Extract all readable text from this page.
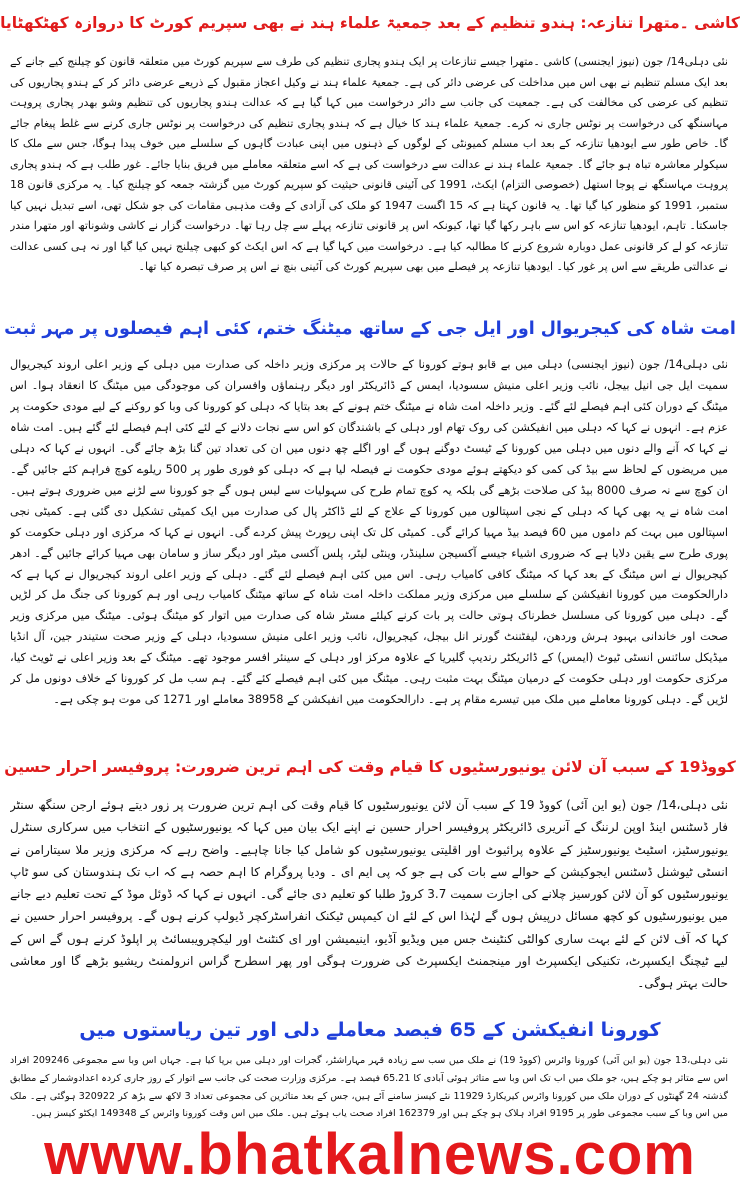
کاشی ۔متھرا تنازعہ: ہندو تنظیم کے بعد جمعیۃ علماء ہند نے بھی سپریم کورٹ کا دروازہ کھٹکھٹایا

نئی دہلی14/ جون (نیوز ایجنسی) کاشی ۔متھرا جیسے تنازعات پر ایک ہندو پجاری تنظیم کی طرف سے سپریم کورٹ میں متعلقہ قانون کو چیلنج کیے جانے کے بعد ایک مسلم تنظیم نے بھی اس میں مداخلت کی عرضی دائر کی ہے۔ جمعیۃ علماء ہند نے وکیل اعجاز مقبول کے ذریعے عرضی دائر کر کے ہندو پجاریوں کی تنظیم کی عرضی کی مخالفت کی ہے۔ جمعیت کی جانب سے دائر درخواست میں کہا گیا ہے کہ عدالت ہندو پجاریوں کی تنظیم وشو بھدر پجاری پروہت مہاسنگھ کی درخواست پر نوٹس جاری نہ کرے۔ جمعیۃ علماء ہند کا خیال ہے کہ ہندو پجاری تنظیم کی درخواست پر نوٹس جاری کرنے سے غلط پیغام جائے گا۔ خاص طور سے ایودھیا تنازعہ کے بعد اب مسلم کمیونٹی کے لوگوں کے ذہنوں میں اپنی عبادت گاہوں کے سلسلے میں خوف پیدا ہوگا، جس سے ملک کا سیکولر معاشرہ تباہ ہو جائے گا۔ جمعیۃ علماء ہند نے عدالت سے درخواست کی ہے کہ اسے متعلقہ معاملے میں فریق بنایا جائے۔ غور طلب ہے کہ ہندو پجاری پروہت مہاسنگھ نے پوجا استھل (خصوصی التزام) ایکٹ، 1991 کی آئینی قانونی حیثیت کو سپریم کورٹ میں گزشتہ جمعہ کو چیلنج کیا۔ یہ مرکزی قانون 18 ستمبر، 1991 کو منظور کیا گیا تھا۔ یہ قانون کہتا ہے کہ 15 اگست 1947 کو ملک کی آزادی کے وقت مذہبی مقامات کی جو شکل تھی، اسے تبدیل نہیں کیا جاسکتا۔ تاہم، ایودھیا تنازعہ کو اس سے باہر رکھا گیا تھا، کیونکہ اس پر قانونی تنازعہ پہلے سے چل رہا تھا۔ درخواست گزار نے کاشی وشوناتھ اور متھرا مندر تنازعہ کو لے کر قانونی عمل دوبارہ شروع کرنے کا مطالبہ کیا ہے۔ درخواست میں کہا گیا ہے کہ اس ایکٹ کو کبھی چیلنج نہیں کیا گیا اور نہ ہی کسی عدالت نے عدالتی طریقے سے اس پر غور کیا۔ ایودھیا تنازعہ پر فیصلے میں بھی سپریم کورٹ کی آئینی بنچ نے اس پر صرف تبصرہ کیا تھا۔

امت شاہ کی کیجریوال اور ایل جی کے ساتھ میٹنگ ختم، کئی اہم فیصلوں پر مہر ثبت

نئی دہلی14/ جون (نیوز ایجنسی) دہلی میں بے قابو ہوتے کورونا کے حالات پر مرکزی وزیر داخلہ کی صدارت میں دہلی کے وزیر اعلی اروند کیجریوال سمیت ایل جی انیل بیجل، نائب وزیر اعلی منیش سسودیا، ایمس کے ڈائریکٹر اور دیگر رہنماؤں وافسران کی موجودگی میں میٹنگ کا انعقاد ہوا۔ اس میٹنگ کے دوران کئی اہم فیصلے لئے گئے۔ وزیر داخلہ امت شاہ نے میٹنگ ختم ہونے کے بعد بتایا کہ دہلی کو کورونا کی وبا کو روکنے کے لیے مودی حکومت پر عزم ہے۔ انہوں نے کہا کہ دہلی میں انفیکشن کی روک تھام اور دہلی کے باشندگان کو اس سے نجات دلانے کے لئے کئی اہم فیصلے لئے گئے ہیں۔ امت شاہ نے کہا کہ آنے والے دنوں میں دہلی میں کورونا کے ٹیسٹ دوگنے ہوں گے اور اگلے چھ دنوں میں ان کی تعداد تین گنا بڑھ جائے گی۔ انہوں نے کہا کہ دہلی میں مریضوں کے لحاظ سے بیڈ کی کمی کو دیکھتے ہوئے مودی حکومت نے فیصلہ لیا ہے کہ دہلی کو فوری طور پر 500 ریلوے کوچ فراہم کئے جائیں گے۔ ان کوچ سے نہ صرف 8000 بیڈ کی صلاحت بڑھے گی بلکہ یہ کوچ تمام طرح کی سہولیات سے لیس ہوں گے جو کورونا سے لڑنے میں ضروری ہوتے ہیں۔ امت شاہ نے یہ بھی کہا کہ دہلی کے نجی اسپتالوں میں کورونا کے علاج کے لئے ڈاکٹر پال کی صدارت میں ایک کمیٹی تشکیل دی گئی ہے۔ کمیٹی نجی اسپتالوں میں بہت کم داموں میں 60 فیصد بیڈ مہیا کرائے گی۔ کمیٹی کل تک اپنی رپورٹ پیش کردے گی۔ انہوں نے کہا کہ مرکزی اور دہلی حکومت کو پوری طرح سے یقین دلایا ہے کہ ضروری اشیاء جیسے آکسیجن سلینڈر، وینٹی لیٹر، پلس آکسی میٹر اور دیگر ساز و سامان بھی مہیا کرائے جائیں گے۔ ادھر کیجریوال نے اس میٹنگ کے بعد کہا کہ میٹنگ کافی کامیاب رہی۔ اس میں کئی اہم فیصلے لئے گئے۔ دہلی کے وزیر اعلی اروند کیجریوال نے کہا ہے کہ دارالحکومت میں کورونا انفیکشن کے سلسلے میں مرکزی وزیر مملکت داخلہ امت شاہ کے ساتھ میٹنگ کامیاب رہی اور ہم کورونا کی جنگ مل کر لڑیں گے۔ دہلی میں کورونا کی مسلسل خطرناک ہوتی حالت پر بات کرنے کیلئے مسٹر شاہ کی صدارت میں اتوار کو میٹنگ ہوئی۔ میٹنگ میں مرکزی وزیر صحت اور خاندانی بہبود ہرش وردھن، لیفٹننٹ گورنر انل بیجل، کیجریوال، نائب وزیر اعلی منیش سسودیا، دہلی کے وزیر صحت ستیندر جین، آل انڈیا میڈیکل سائنس انسٹی ٹیوٹ (ایمس) کے ڈائریکٹر رندیپ گلیریا کے علاوہ مرکز اور دہلی کے سینئر افسر موجود تھے۔ میٹنگ کے بعد وزیر اعلی نے ٹویٹ کیا، مرکزی حکومت اور دہلی حکومت کے درمیان میٹنگ بہت مثبت رہی۔ میٹنگ میں کئی اہم فیصلے کئے گئے۔ ہم سب مل کر کورونا کے خلاف دونوں مل کر لڑیں گے۔ دہلی کورونا معاملے میں ملک میں تیسرے مقام پر ہے۔ دارالحکومت میں انفیکشن کے 38958 معاملے اور 1271 کی موت ہو چکی ہے۔

کووڈ19 کے سبب آن لائن یونیورسٹیوں کا قیام وقت کی اہم ترین ضرورت: پروفیسر احرار حسین

نئی دہلی،14/ جون (یو این آئی) کووڈ 19 کے سبب آن لائن یونیورسٹیوں کا قیام وقت کی اہم ترین ضرورت پر زور دیتے ہوئے ارجن سنگھ سنٹر فار ڈسٹنس اینڈ اوپن لرننگ کے آنریری ڈائریکٹر پروفیسر احرار حسین نے اپنے ایک بیان میں کہا کہ یونیورسٹیوں کے انتخاب میں سرکاری سنٹرل یونیورسٹیز، اسٹیٹ یونیورسٹیز کے علاوہ پرائیوٹ اور اقلیتی یونیورسٹیوں کو شامل کیا جانا چاہیے۔ واضح رہے کہ مرکزی وزیر ملا سیتارامن نے انسٹی ٹیوشنل ڈسٹنس ایجوکیشن کے حوالے سے بات کی ہے جو کہ پی ایم ای ۔ ودیا پروگرام کا اہم حصہ ہے کہ اب تک ہندوستان کی سو ٹاپ یونیورسٹیوں کو آن لائن کورسیز چلانے کی اجازت سمیت 3.7 کروڑ طلبا کو تعلیم دی جائے گی۔ انہوں نے کہا کہ ڈوئل موڈ کے تحت تعلیم دیے جانے میں یونیورسٹیوں کو کچھ مسائل درپیش ہوں گے لہٰذا اس کے لئے ان کیمپس ٹیکنک انفراسٹرکچر ڈیولپ کرنے ہوں گے۔ پروفیسر احرار حسین نے کہا کہ آف لائن کے لئے بہت ساری کوالٹی کنٹینٹ جس میں ویڈیو آڈیو، اینیمیشن اور ای کنٹنٹ اور لیکچرویبسائٹ پر اپلوڈ کرنے ہوں گے اس کے لیے ٹیچنگ ایکسپرٹ، تکنیکی ایکسپرٹ اور مینجمنٹ ایکسپرٹ کی ضرورت ہوگی اور پھر اسطرح گراس انرولمنٹ ریشیو بڑھے گا اور معاشی حالت بہتر ہوگی۔

کورونا انفیکشن کے 65 فیصد معاملے دلی اور تین ریاستوں میں

نئی دہلی،13 جون (یو این آئی) کورونا وائرس (کووڈ 19) نے ملک میں سب سے زیادہ قہر مہاراشٹر، گجرات اور دہلی میں برپا کیا ہے۔ جہاں اس وبا سے مجموعی 209246 افراد اس سے متاثر ہو چکے ہیں، جو ملک میں اب تک اس وبا سے متاثر ہوئی آبادی کا 65.21 فیصد ہے۔ مرکزی وزارت صحت کی جانب سے اتوار کے روز جاری کردہ اعدادوشمار کے مطابق گذشتہ 24 گھنٹوں کے دوران ملک میں کورونا وائرس کیریکارڈ 11929 نئے کیسز سامنے آئے ہیں، جس کے بعد متاثرین کی مجموعی تعداد 3 لاکھ سے بڑھ کر 320922 ہوگئی ہے۔ ملک میں اس وبا کے سبب مجموعی طور پر 9195 افراد ہلاک ہو چکے ہیں اور 162379 افراد صحت یاب ہوئے ہیں۔ ملک میں اس وقت کورونا وائرس کے 149348 ایکٹو کیسز ہیں۔

www.bhatkalnews.com
